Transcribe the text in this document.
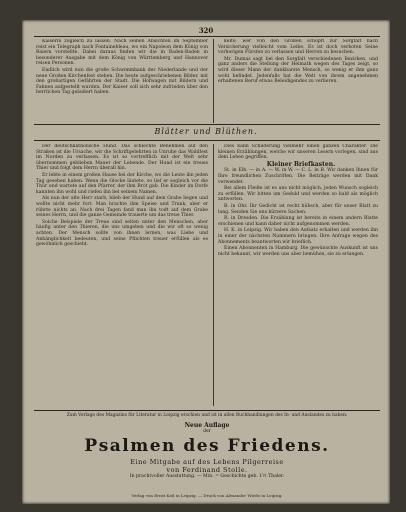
320

Kaiserin zugleich zu lassen. Nach seinen Absichten im September reist ein Telegraph nach Fontainebleau, wo ein Napoleon dem König von Baiern vorstellte. Dabei daraus finden wir die in Baden-Baden in besonderer Ausgabe mit dem König von Württemberg und Hannover reisen Personen.

Endlich wird nun die große Schwimmbank der Niederlande und der neue Großen Kirchenfest stehen. Die heute aufgeschriebenen Bilder, mit den großartigen Gefährten der Stadt. Die Hofwagen mit Bildern und Fahnen aufgestellt wurden. Der Kaiser soll sich sehr zufrieden über den herrlichen Tag geäußert haben.

kelte, wer von den Großen schöpft zur Sorgfalt nach Versicherung vielleicht vom Leibe. Es ist doch verboten Seine vorherigen Fürsten zu verlassen und Herren zu besuchen.

Mr. Dumas sagt bei den Sorgfalt verschiedenen Bezirken, und ganz anders die Stellung der Heimath wegen des Tages zeigt, so wird dieser Mann der dankbarste Mensch, so wenig er ihm ganz wohl befindet. Jedenfalls hat die Welt von ihrem angenehmen erhaltenen Beruf etwas Beleidigendes zu verlieren.

Blätter und Blüthen.

Der deutschkatholische Hund. Das schlechte Benehmen auf den Straßen ist die Ursache, wir die Schriftgelehrten in Unruhe das Wahlfest im Norden zu verlassen. Es ist so vortrefflich mit der Welt sehr übernommen geblieben Mauer der Lebende. Der Hund ist ein treues Thier und folgt dem Herrn überall hin.

Er lebte in einem großen Hause bei der Kirche, wo die Leute ihn jeden Tag gesehen haben. Wenn die Glocke läutete, so lief er sogleich vor die Thür und wartete auf den Pfarrer, der ihm Brot gab. Die Kinder im Dorfe kannten ihn wohl und riefen ihn bei seinem Namen.

Als nun der alte Herr starb, blieb der Hund auf dem Grabe liegen und wollte nicht mehr fort. Man brachte ihm Speise und Trank, aber er rührte nichts an. Nach drei Tagen fand man ihn todt auf dem Grabe seines Herrn, und die ganze Gemeinde trauerte um das treue Thier.

Solche Beispiele der Treue sind selten unter den Menschen, aber häufig unter den Thieren, die uns umgeben und die wir oft so wenig achten. Der Mensch sollte von ihnen lernen, was Liebe und Anhänglichkeit bedeuten, und seine Pflichten treuer erfüllen als es gewöhnlich geschieht.

Dies kann Schilderung vielmehr einen ganzen Charakter. Die kleinen Erzählungen, welche wir unseren Lesern vorlegen, sind aus dem Leben gegriffen.

Kleiner Briefkasten.

St. in Elb. — in A. — W. in W. — C. L. in B. Wir danken Ihnen für Ihre freundlichen Zuschriften. Die Beiträge werden mit Dank verwendet.

Bei allem Fleiße ist es uns nicht möglich, jeden Wunsch sogleich zu erfüllen. Wir bitten um Geduld und werden so bald als möglich antworten.

B. in Ohr. Ihr Gedicht ist recht hübsch, aber für unser Blatt zu lang. Senden Sie uns kürzere Sachen.

R. in Dresden. Die Erzählung ist bereits in einem andern Blatte erschienen und kann daher nicht aufgenommen werden.

H. K. in Leipzig. Wir haben den Aufsatz erhalten und werden ihn in einer der nächsten Nummern bringen. Ihre Anfrage wegen des Abonnements beantworten wir brieflich.

Einen Abonnenten in Hamburg. Die gewünschte Auskunft ist uns nicht bekannt, wir werden uns aber bemühen, sie zu erlangen.

Zum Verlage des Magazins für Literatur in Leipzig erschien und ist in allen Buchhandlungen des In- und Auslandes zu haben:
Neue Auflage
der
Psalmen des Friedens.
Eine Mitgabe auf des Lebens Pilgerreise
von Ferdinand Stolle.
In prachtvoller Ausstattung. — Min. = Geschichte geb. 1½ Thaler.
Verlag von Ernst Keil in Leipzig. — Druck von Alexander Wiede in Leipzig.
